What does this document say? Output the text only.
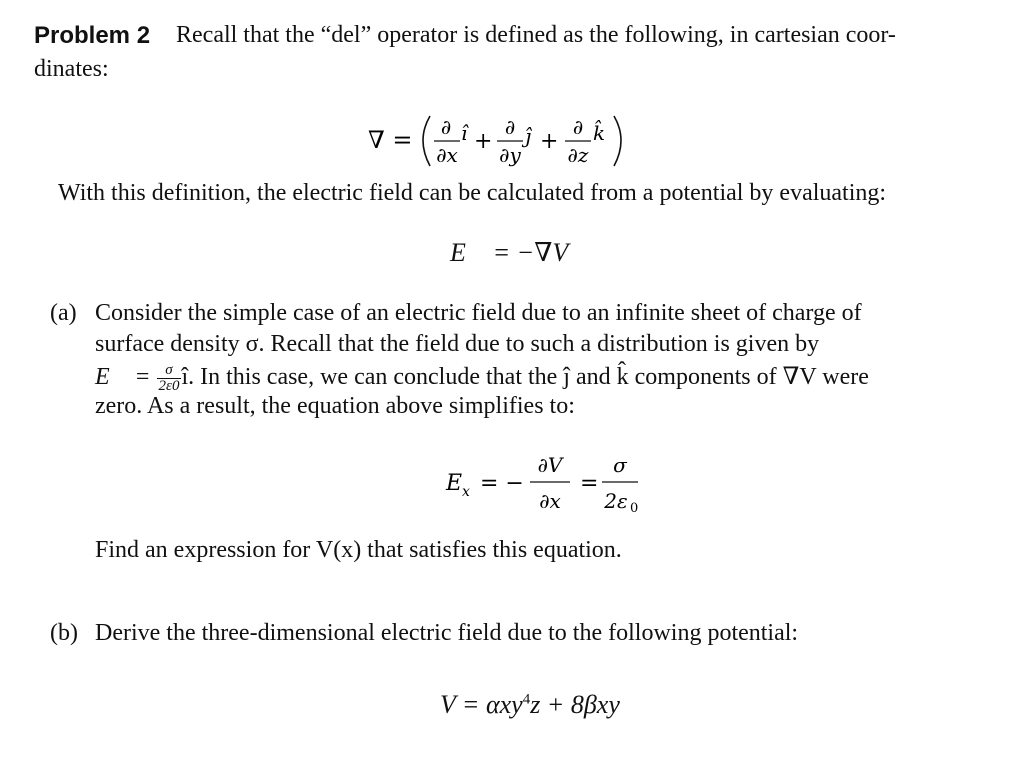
Problem 2 Recall that the “del” operator is defined as the following, in cartesian coor-
dinates:
∇ = ∂
∂x
î +
∂
∂y
ĵ +
∂
∂z
k̂
With this definition, the electric field can be calculated from a potential by evaluating:
E⃗ = −∇V
(a) Consider the simple case of an electric field due to an infinite sheet of charge of
surface density σ. Recall that the field due to such a distribution is given by
E⃗ = $\frac{\sigma}{2\varepsilon 0}$ î. In this case, we can conclude that the ĵ and k̂ components of ∇V were
zero. As a result, the equation above simplifies to:
E x = −
∂V
∂x
=
σ
2ε 0
Find an expression for V(x) that satisfies this equation.
(b) Derive the three-dimensional electric field due to the following potential:
V = αxy$^4$z + 8βxy
